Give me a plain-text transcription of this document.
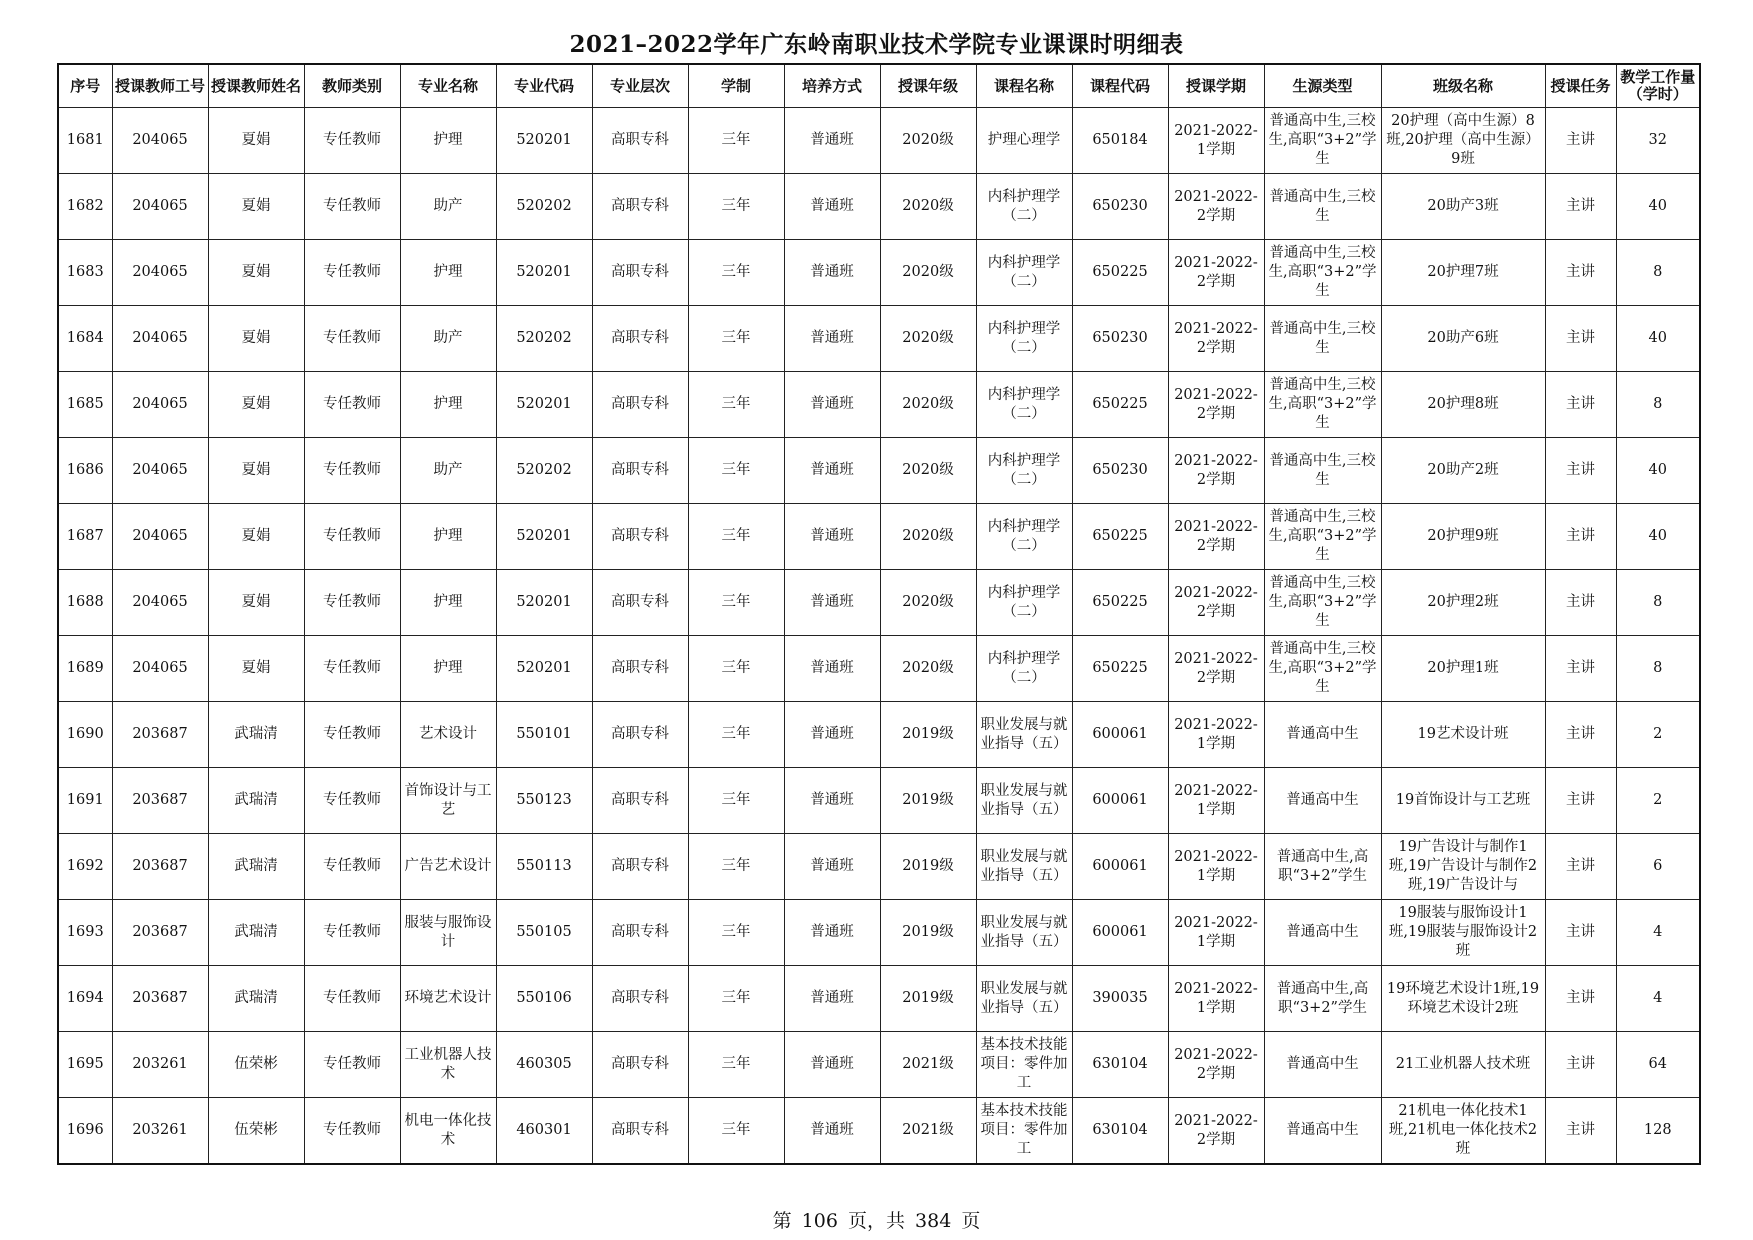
2021–2022学年广东岭南职业技术学院专业课课时明细表
序号	授课教师工号	授课教师姓名	教师类别	专业名称	专业代码	专业层次	学制	培养方式	授课年级	课程名称	课程代码	授课学期	生源类型	班级名称	授课任务	教学工作量（学时）

1681	204065	夏娟	专任教师	护理	520201	高职专科	三年	普通班	2020级	护理心理学	650184	2021-2022-1学期	普通高中生,三校生,高职“3+2”学生	20护理（高中生源）8班,20护理（高中生源）9班	主讲	32

1682	204065	夏娟	专任教师	助产	520202	高职专科	三年	普通班	2020级	内科护理学（二）	650230	2021-2022-2学期	普通高中生,三校生	20助产3班	主讲	40

1683	204065	夏娟	专任教师	护理	520201	高职专科	三年	普通班	2020级	内科护理学（二）	650225	2021-2022-2学期	普通高中生,三校生,高职“3+2”学生	20护理7班	主讲	8

1684	204065	夏娟	专任教师	助产	520202	高职专科	三年	普通班	2020级	内科护理学（二）	650230	2021-2022-2学期	普通高中生,三校生	20助产6班	主讲	40

1685	204065	夏娟	专任教师	护理	520201	高职专科	三年	普通班	2020级	内科护理学（二）	650225	2021-2022-2学期	普通高中生,三校生,高职“3+2”学生	20护理8班	主讲	8

1686	204065	夏娟	专任教师	助产	520202	高职专科	三年	普通班	2020级	内科护理学（二）	650230	2021-2022-2学期	普通高中生,三校生	20助产2班	主讲	40

1687	204065	夏娟	专任教师	护理	520201	高职专科	三年	普通班	2020级	内科护理学（二）	650225	2021-2022-2学期	普通高中生,三校生,高职“3+2”学生	20护理9班	主讲	40

1688	204065	夏娟	专任教师	护理	520201	高职专科	三年	普通班	2020级	内科护理学（二）	650225	2021-2022-2学期	普通高中生,三校生,高职“3+2”学生	20护理2班	主讲	8

1689	204065	夏娟	专任教师	护理	520201	高职专科	三年	普通班	2020级	内科护理学（二）	650225	2021-2022-2学期	普通高中生,三校生,高职“3+2”学生	20护理1班	主讲	8

1690	203687	武瑞清	专任教师	艺术设计	550101	高职专科	三年	普通班	2019级	职业发展与就业指导（五）	600061	2021-2022-1学期	普通高中生	19艺术设计班	主讲	2

1691	203687	武瑞清	专任教师	首饰设计与工艺	550123	高职专科	三年	普通班	2019级	职业发展与就业指导（五）	600061	2021-2022-1学期	普通高中生	19首饰设计与工艺班	主讲	2

1692	203687	武瑞清	专任教师	广告艺术设计	550113	高职专科	三年	普通班	2019级	职业发展与就业指导（五）	600061	2021-2022-1学期	普通高中生,高职“3+2”学生	19广告设计与制作1班,19广告设计与制作2班,19广告设计与	主讲	6

1693	203687	武瑞清	专任教师	服装与服饰设计	550105	高职专科	三年	普通班	2019级	职业发展与就业指导（五）	600061	2021-2022-1学期	普通高中生	19服装与服饰设计1班,19服装与服饰设计2班	主讲	4

1694	203687	武瑞清	专任教师	环境艺术设计	550106	高职专科	三年	普通班	2019级	职业发展与就业指导（五）	390035	2021-2022-1学期	普通高中生,高职“3+2”学生	19环境艺术设计1班,19环境艺术设计2班	主讲	4

1695	203261	伍荣彬	专任教师	工业机器人技术	460305	高职专科	三年	普通班	2021级	基本技术技能项目：零件加工	630104	2021-2022-2学期	普通高中生	21工业机器人技术班	主讲	64

1696	203261	伍荣彬	专任教师	机电一体化技术	460301	高职专科	三年	普通班	2021级	基本技术技能项目：零件加工	630104	2021-2022-2学期	普通高中生	21机电一体化技术1班,21机电一体化技术2班	主讲	128
第 106 页，共 384 页
